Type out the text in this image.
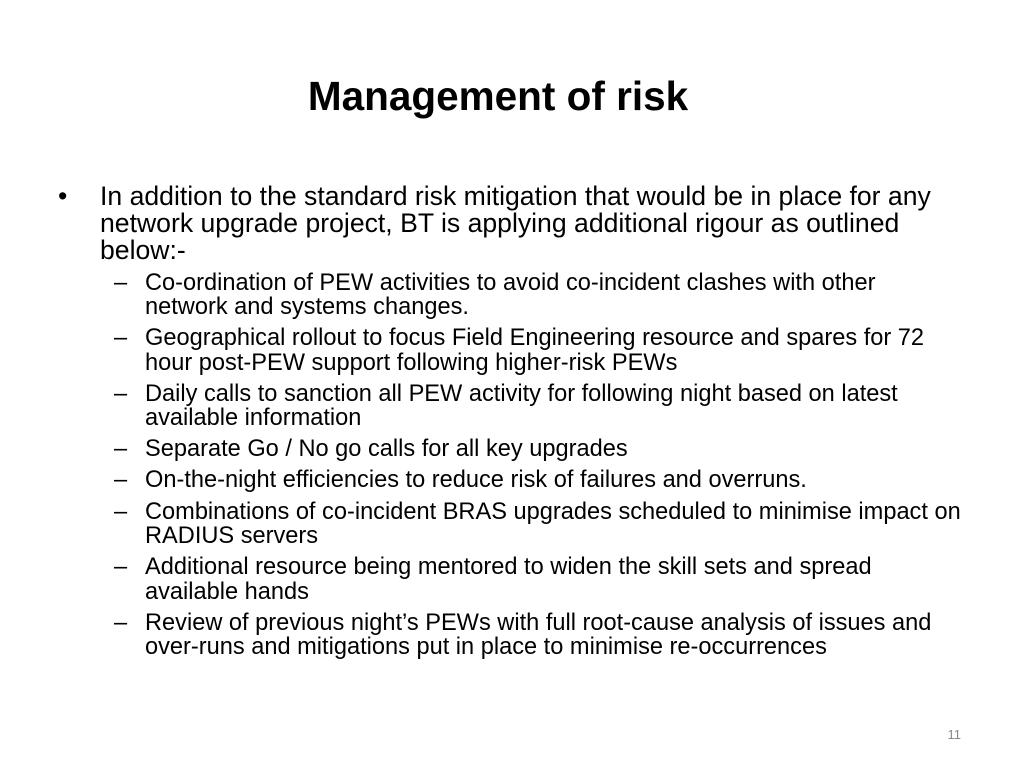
Management of risk
• In addition to the standard risk mitigation that would be in place for any
network upgrade project, BT is applying additional rigour as outlined
below:-
– Co-ordination of PEW activities to avoid co-incident clashes with other
network and systems changes.
– Geographical rollout to focus Field Engineering resource and spares for 72
hour post-PEW support following higher-risk PEWs
– Daily calls to sanction all PEW activity for following night based on latest
available information
– Separate Go / No go calls for all key upgrades
– On-the-night efficiencies to reduce risk of failures and overruns.
– Combinations of co-incident BRAS upgrades scheduled to minimise impact on
RADIUS servers
– Additional resource being mentored to widen the skill sets and spread
available hands
– Review of previous night’s PEWs with full root-cause analysis of issues and
over-runs and mitigations put in place to minimise re-occurrences
11
